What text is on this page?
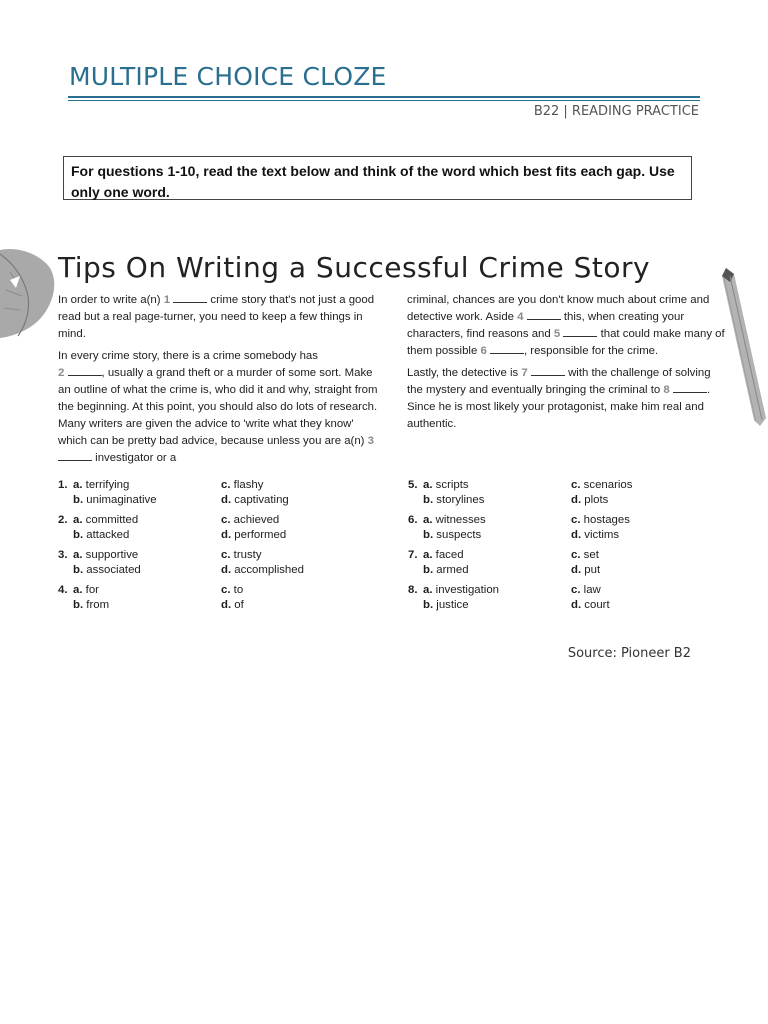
MULTIPLE CHOICE CLOZE
B22 | READING PRACTICE
For questions 1-10, read the text below and think of the word which best fits each gap. Use only one word.
Tips On Writing a Successful Crime Story

In order to write a(n) 1	crime story that's not just a good read but a real page-turner, you need to keep a few things in mind.

In every crime story, there is a crime somebody has
2	, usually a grand theft or a murder of some sort. Make an outline of what the crime is, who did it and why, straight from the beginning. At this point, you should also do lots of research. Many writers are given the advice to 'write what they know' which can be pretty bad advice, because unless you are a(n) 3  investigator or a

criminal, chances are you don't know much about crime and detective work. Aside 4	this, when creating your characters, find reasons and 5	that could make many of them possible 6	, responsible for the crime.

Lastly, the detective is 7	with the challenge of solving the mystery and eventually bringing the criminal to 8	. Since he is most likely your protagonist, make him real and authentic.

1. a. terrifying
b. unimaginative
c. flashy
d. captivating
2. a. committed
b. attacked
c. achieved
d. performed
3. a. supportive
b. associated
c. trusty
d. accomplished
4. a. for
b. from
c. to
d. of
5. a. scripts
b. storylines
c. scenarios
d. plots
6. a. witnesses
b. suspects
c. hostages
d. victims
7. a. faced
b. armed
c. set
d. put
8. a. investigation
b. justice
c. law
d. court
Source: Pioneer B2
